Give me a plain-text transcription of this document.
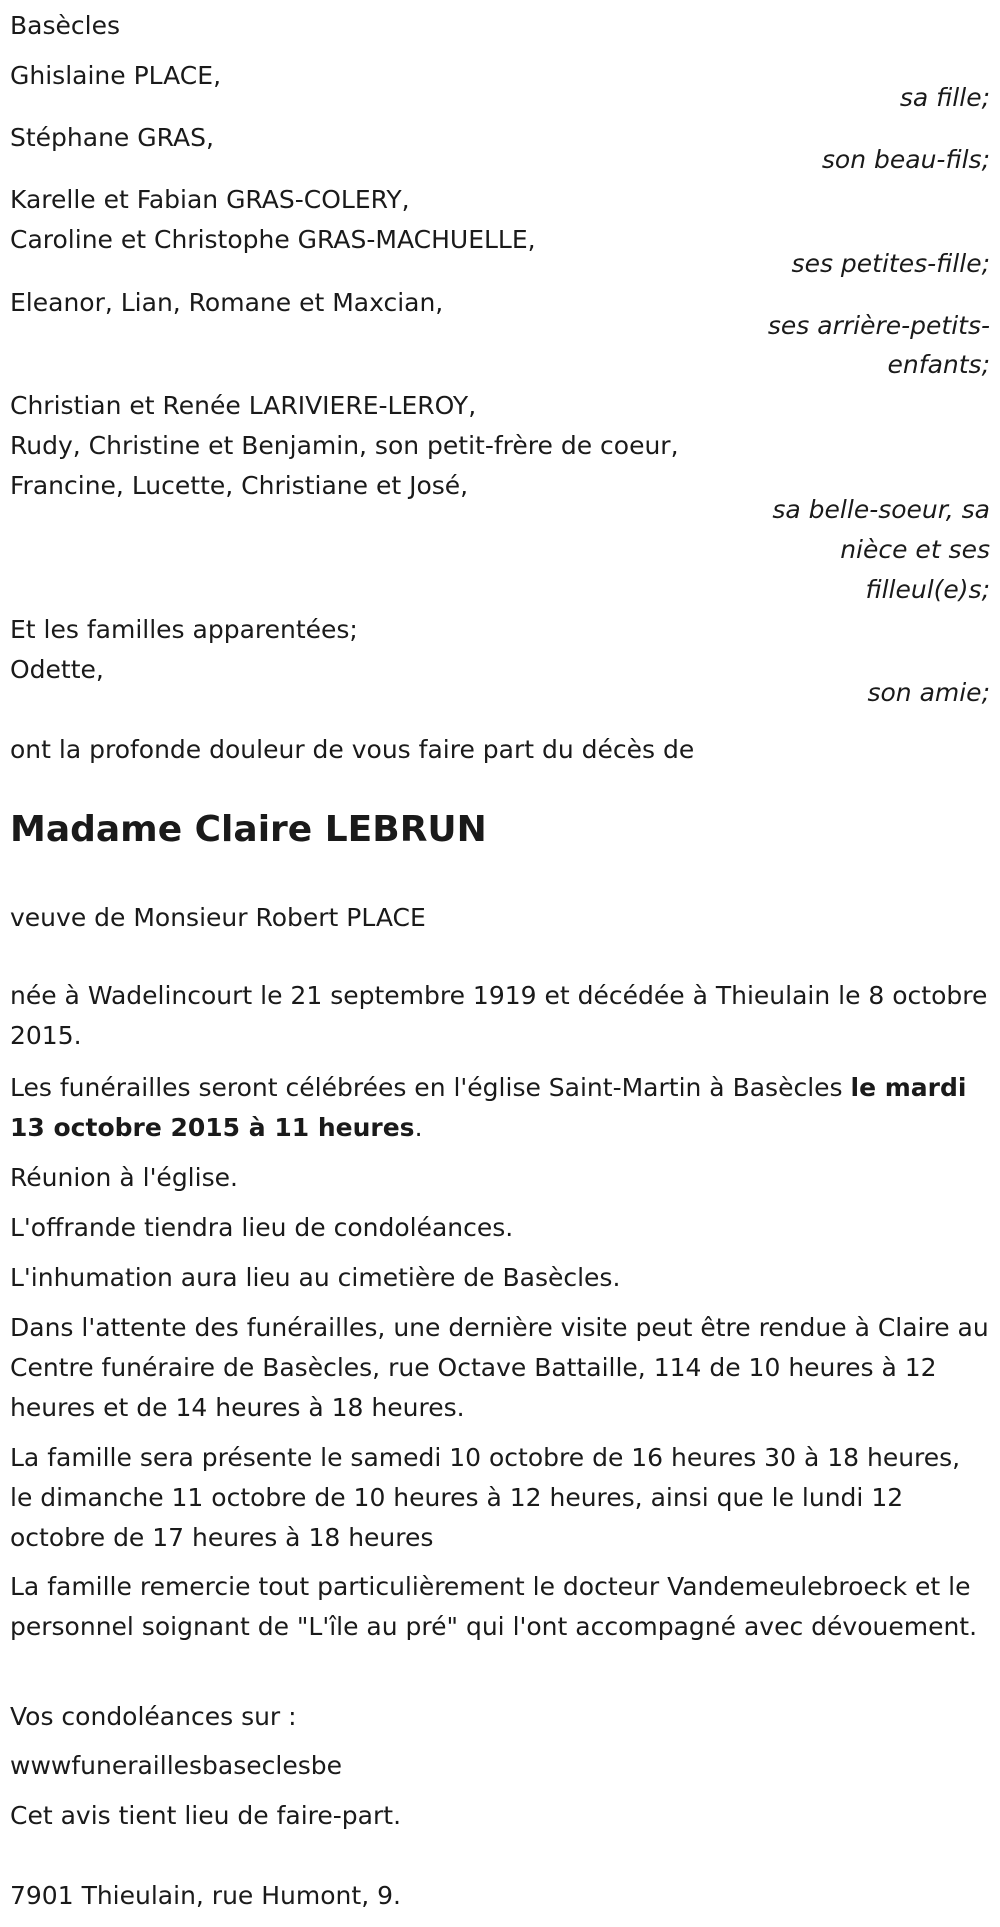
Basècles

Ghislaine PLACE,

sa fille;

Stéphane GRAS,

son beau-fils;

Karelle et Fabian GRAS-COLERY,

Caroline et Christophe GRAS-MACHUELLE,

ses petites-fille;

Eleanor, Lian, Romane et Maxcian,

ses arrière-petits-

enfants;

Christian et Renée LARIVIERE-LEROY,

Rudy, Christine et Benjamin, son petit-frère de coeur,

Francine, Lucette, Christiane et José,

sa belle-soeur, sa

nièce et ses

filleul(e)s;

Et les familles apparentées;

Odette,

son amie;

ont la profonde douleur de vous faire part du décès de

Madame Claire LEBRUN

veuve de Monsieur Robert PLACE

née à Wadelincourt le 21 septembre 1919 et décédée à Thieulain le 8 octobre 2015.

Les funérailles seront célébrées en l'église Saint-Martin à Basècles le mardi 13 octobre 2015 à 11 heures.

Réunion à l'église.

L'offrande tiendra lieu de condoléances.

L'inhumation aura lieu au cimetière de Basècles.

Dans l'attente des funérailles, une dernière visite peut être rendue à Claire au Centre funéraire de Basècles, rue Octave Battaille, 114 de 10 heures à 12 heures et de 14 heures à 18 heures.

La famille sera présente le samedi 10 octobre de 16 heures 30 à 18 heures, le dimanche 11 octobre de 10 heures à 12 heures, ainsi que le lundi 12 octobre de 17 heures à 18 heures

La famille remercie tout particulièrement le docteur Vandemeulebroeck et le personnel soignant de "L'île au pré" qui l'ont accompagné avec dévouement.

Vos condoléances sur :

wwwfuneraillesbaseclesbe

Cet avis tient lieu de faire-part.

7901 Thieulain, rue Humont, 9.
